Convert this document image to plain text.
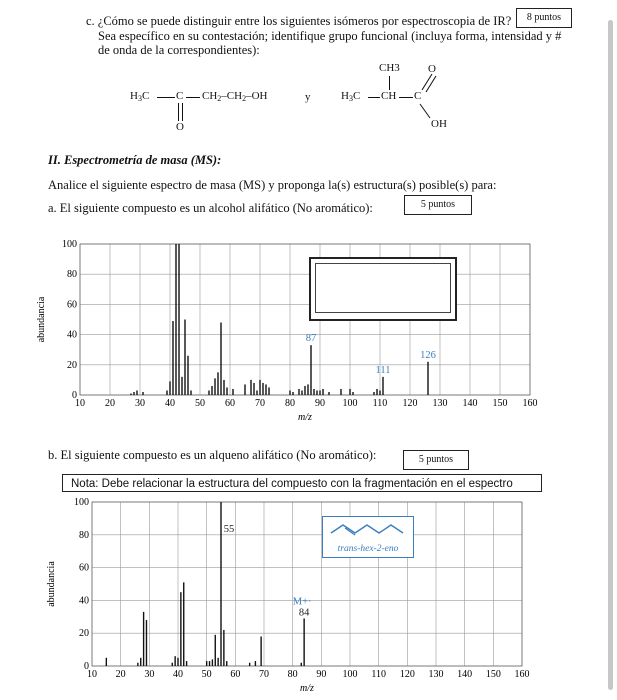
c. ¿Cómo se puede distinguir entre los siguientes isómeros por espectroscopia de IR?
Sea específico en su contestación; identifique grupo funcional (incluya forma, intensidad y #
de onda de la correspondientes):
8 puntos
$H_3C$ C $CH_2-CH_2-OH$
O
y
CH3
$H_3C$ CH C
O
OH
II. Espectrometría de masa (MS):
Analice el siguiente espectro de masa (MS) y proponga la(s) estructura(s) posible(s) para:
a. El siguiente compuesto es un alcohol alifático (No aromático):	5 puntos
10 20 30 40 50 60 70 80 90 100 110 120 130 140 150 160
0
20
40
60
80
100
m/z
abundancia	87
111
126
b. El siguiente compuesto es un alqueno alifático (No aromático):	5 puntos
Nota: Debe relacionar la estructura del compuesto con la fragmentación en el espectro
10 20 30 40 50 60 70 80 90 100 110 120 130 140 150 160
0
20
40
60
80
100
m/z
abundancia
55
M+·
84
trans-hex-2-eno
